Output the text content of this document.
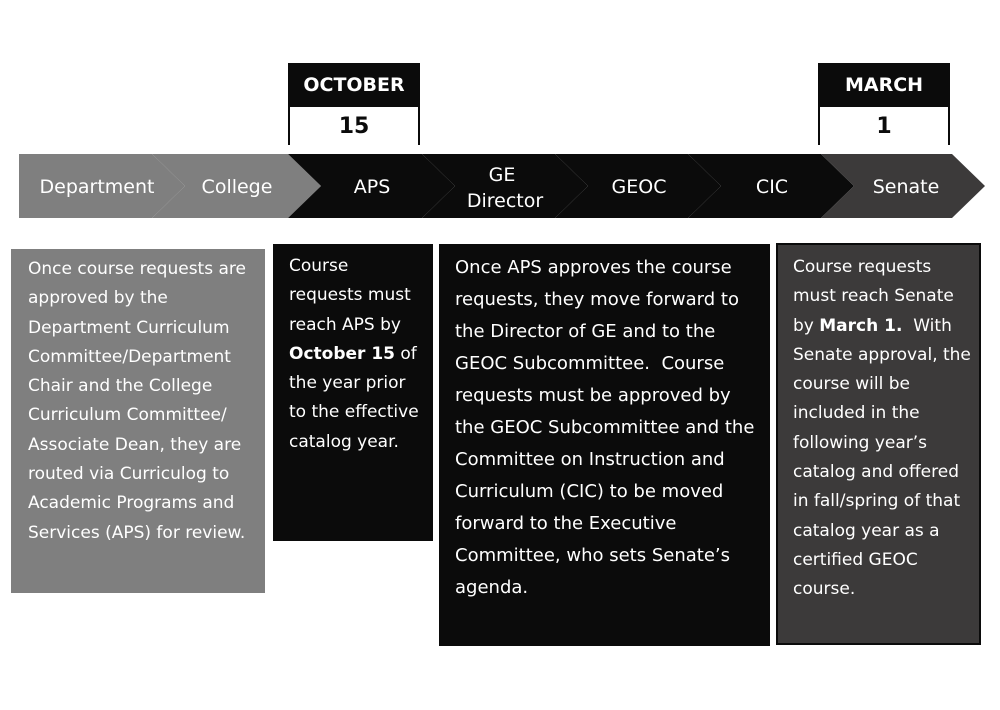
Department College	APS
GE Director
GEOC	CIC	Senate
OCTOBER
15
MARCH
1
Once course requests are approved by the Department Curriculum Committee/Department Chair and the College Curriculum Committee/ Associate Dean, they are routed via Curriculog to Academic Programs and Services (APS) for review.
Course requests must reach APS by October 15 of the year prior to the effective catalog year.
Once APS approves the course requests, they move forward to the Director of GE and to the GEOC Subcommittee.  Course requests must be approved by the GEOC Subcommittee and the Committee on Instruction and Curriculum (CIC) to be moved forward to the Executive Committee, who sets Senate’s agenda.
Course requests must reach Senate by March 1.  With Senate approval, the course will be included in the following year’s catalog and offered in fall/spring of that catalog year as a certified GEOC course.
